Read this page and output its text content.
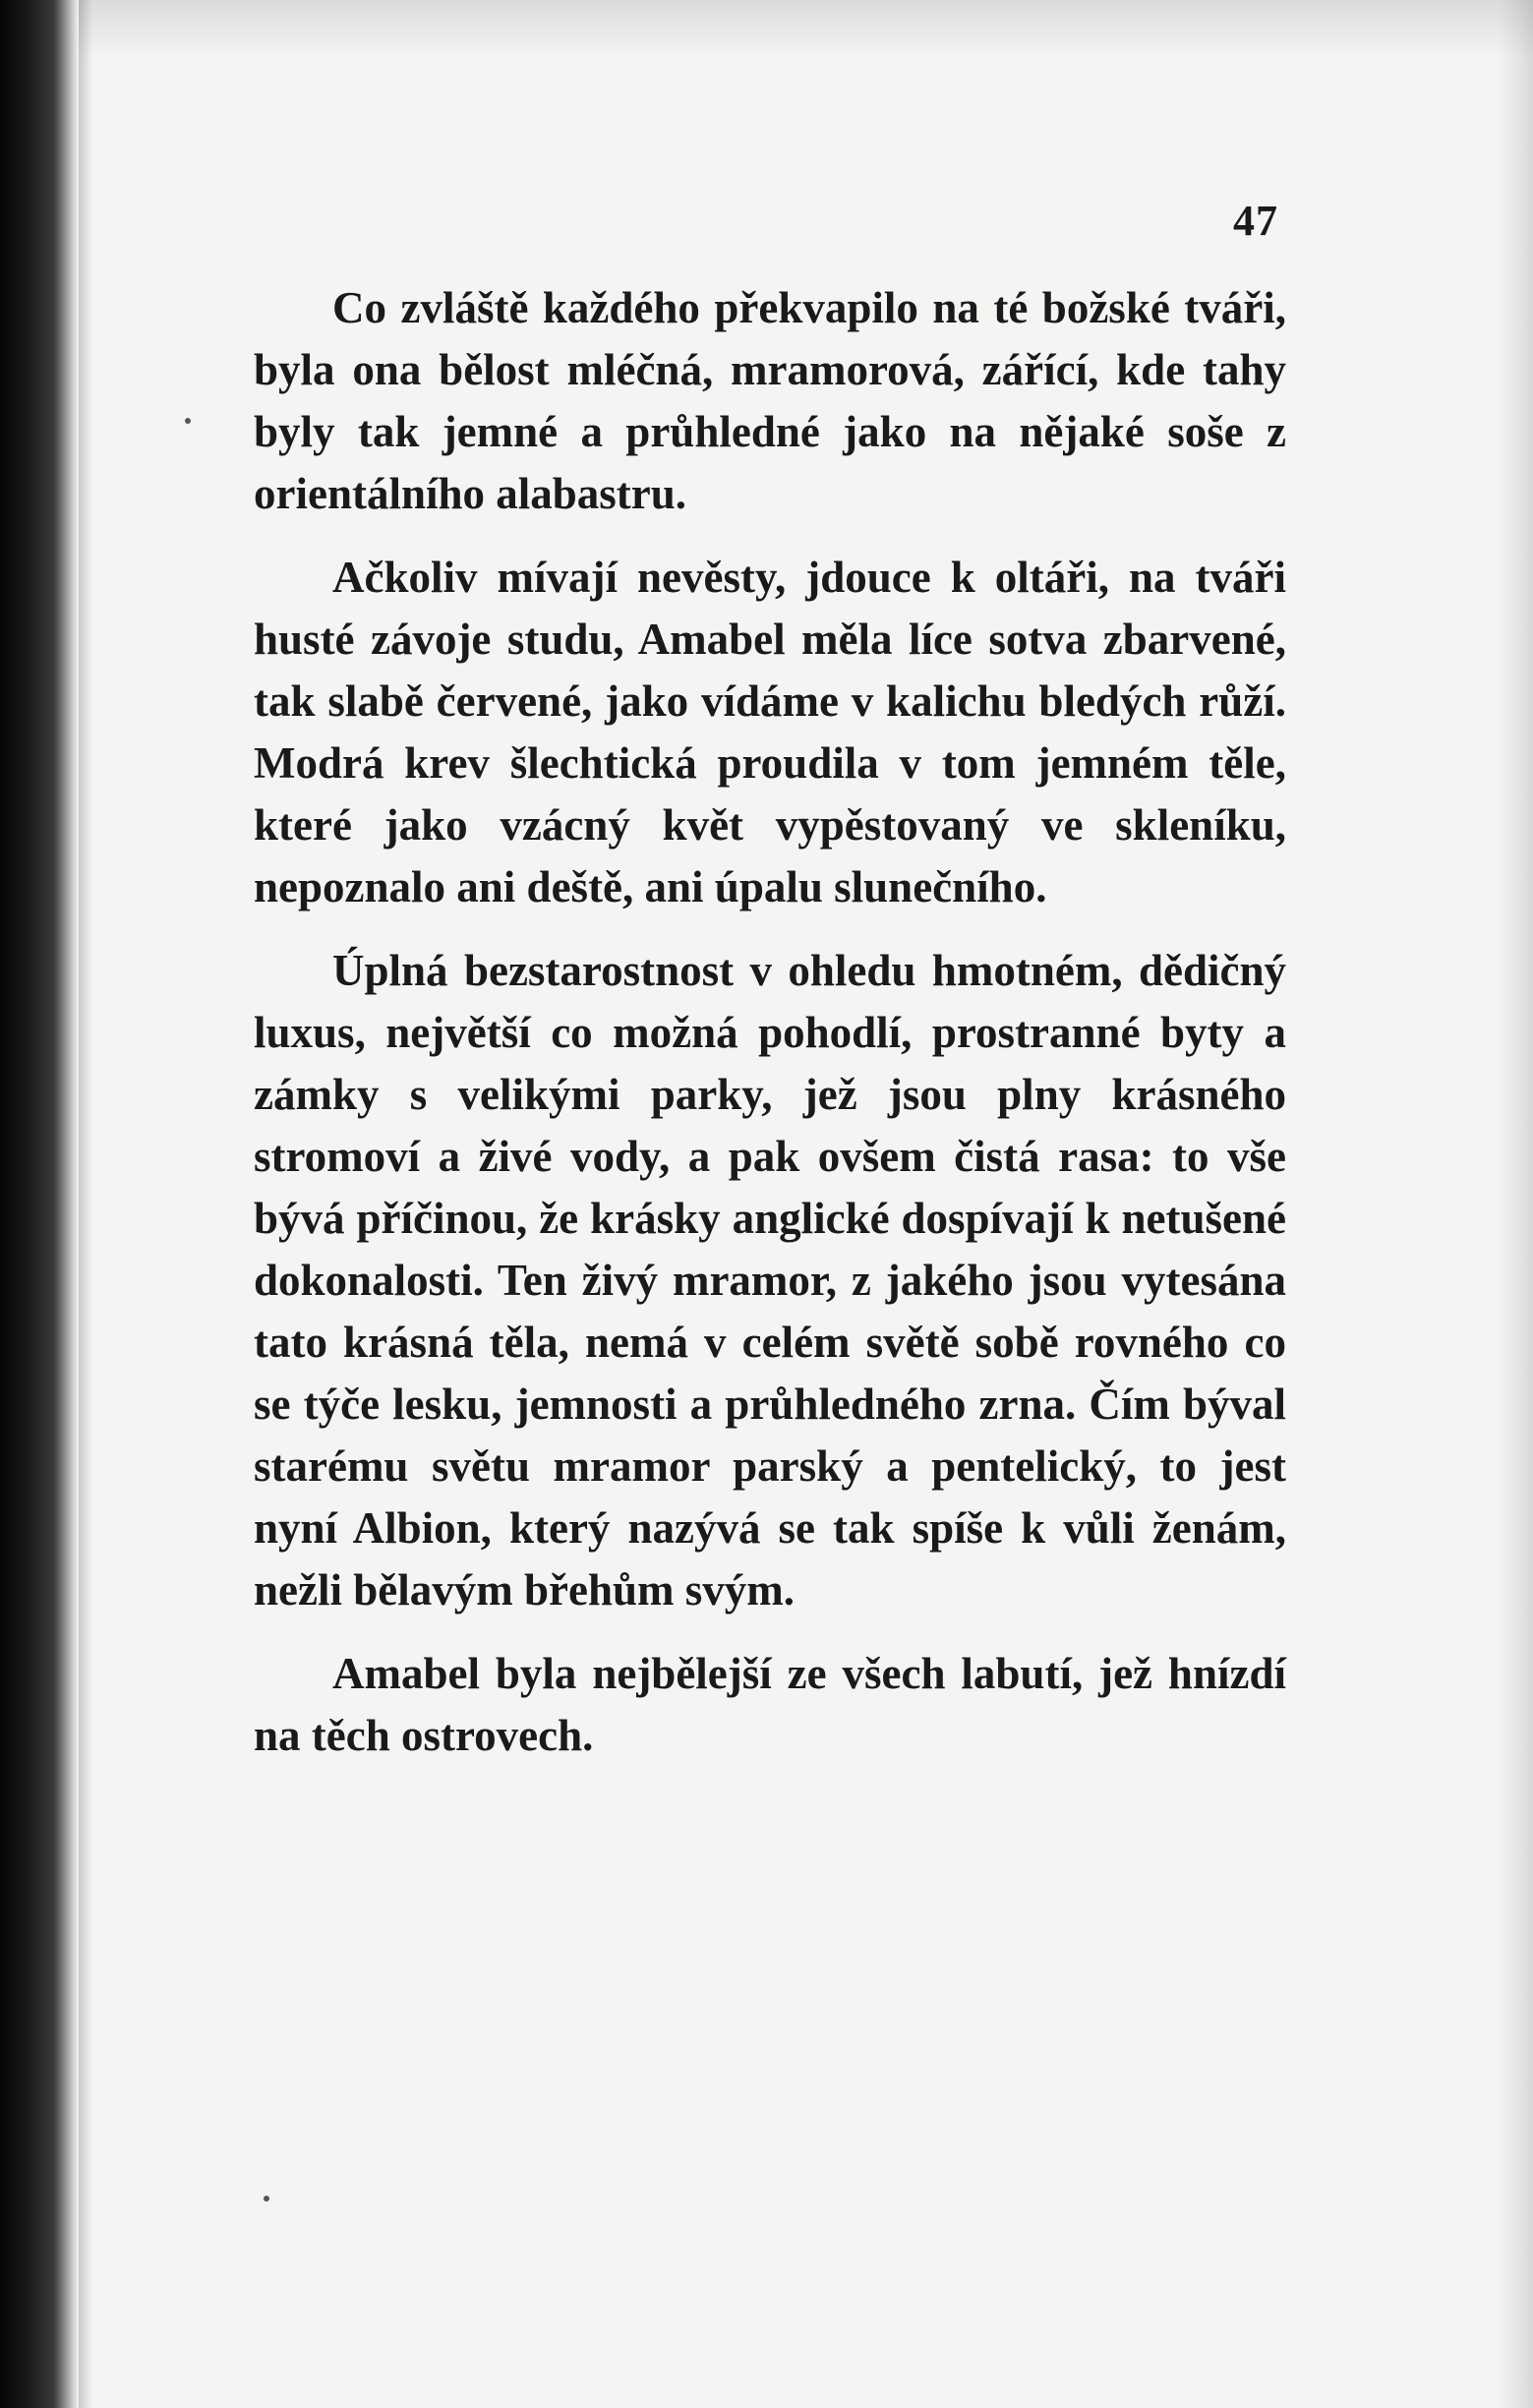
47

Co zvláště každého překvapilo na té božské tváři, byla ona bělost mléčná, mramorová, zářící, kde tahy byly tak jemné a průhledné jako na nějaké soše z orientálního alabastru.

Ačkoliv mívají nevěsty, jdouce k oltáři, na tváři husté závoje studu, Amabel měla líce sotva zbarvené, tak slabě červené, jako vídáme v kalichu bledých růží. Modrá krev šlechtická proudila v tom jemném těle, které jako vzácný květ vypěstovaný ve skleníku, nepoznalo ani deště, ani úpalu slunečního.

Úplná bezstarostnost v ohledu hmotném, dědičný luxus, největší co možná pohodlí, prostranné byty a zámky s velikými parky, jež jsou plny krásného stromoví a živé vody, a pak ovšem čistá rasa: to vše bývá příčinou, že krásky anglické dospívají k netušené dokonalosti. Ten živý mramor, z jakého jsou vytesána tato krásná těla, nemá v celém světě sobě rovného co se týče lesku, jemnosti a průhledného zrna. Čím býval starému světu mramor parský a pentelický, to jest nyní Albion, který nazývá se tak spíše k vůli ženám, nežli bělavým břehům svým.

Amabel byla nejbělejší ze všech labutí, jež hnízdí na těch ostrovech.
